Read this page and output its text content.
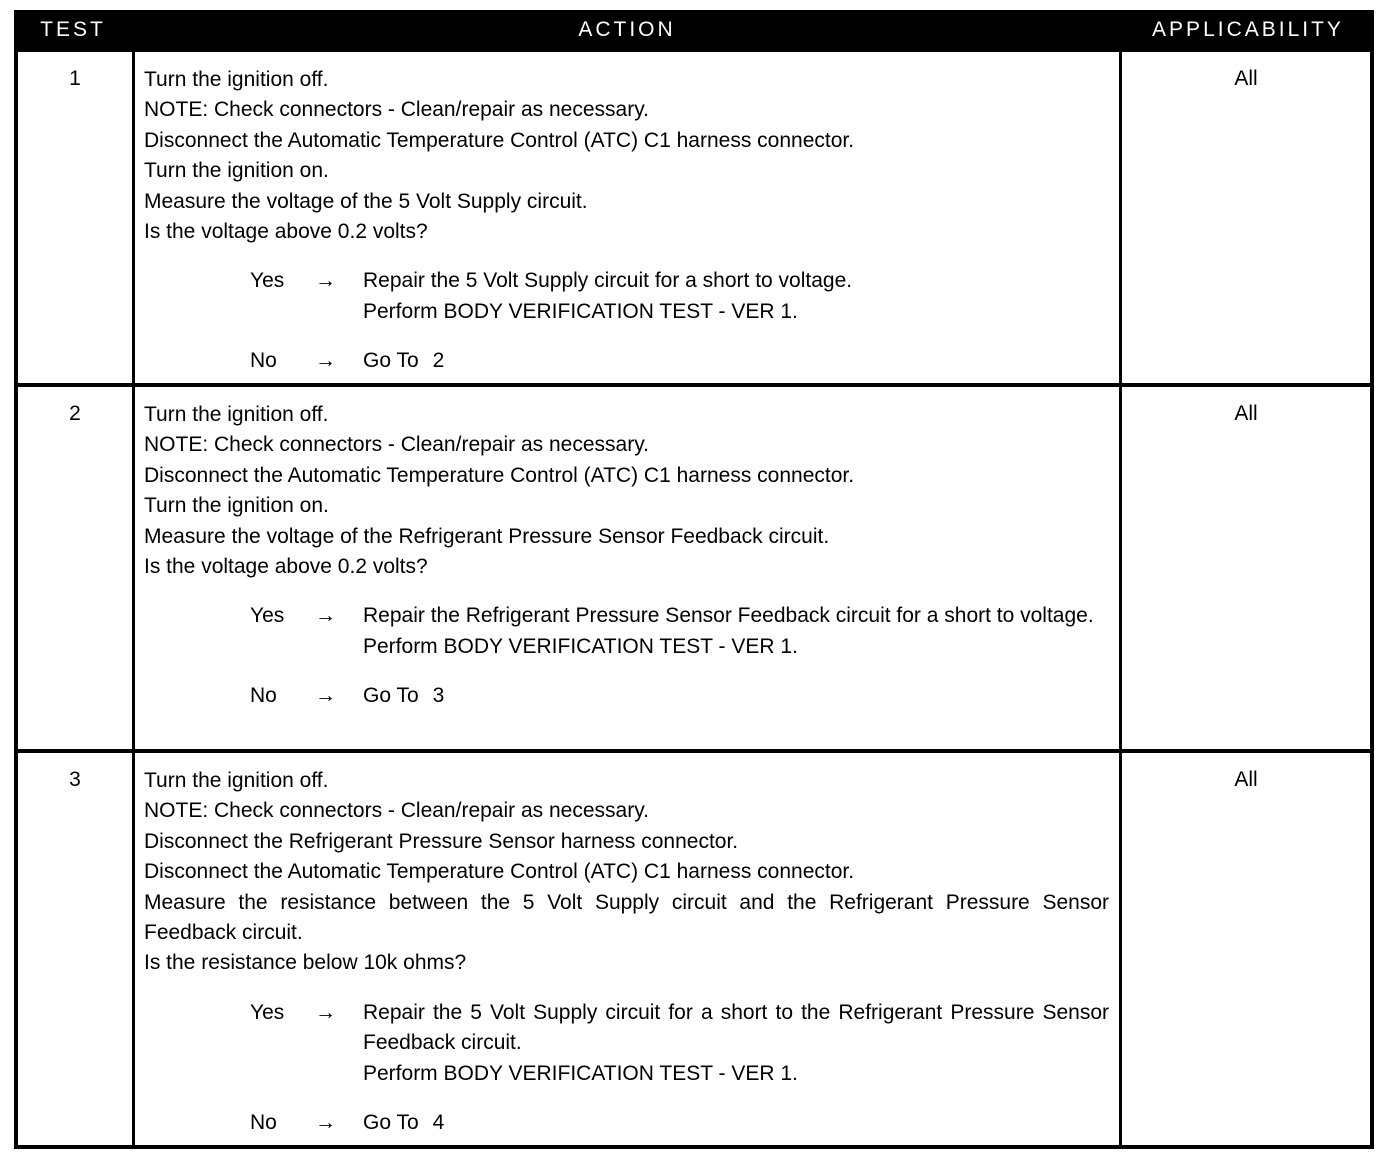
TEST	ACTION	APPLICABILITY
1	Turn the ignition off.
NOTE: Check connectors - Clean/repair as necessary.
Disconnect the Automatic Temperature Control (ATC) C1 harness connector.
Turn the ignition on.
Measure the voltage of the 5 Volt Supply circuit.
Is the voltage above 0.2 volts?
Yes	→	Repair the 5 Volt Supply circuit for a short to voltage.
Perform BODY VERIFICATION TEST - VER 1.
No	→	Go To 2
All
2	Turn the ignition off.
NOTE: Check connectors - Clean/repair as necessary.
Disconnect the Automatic Temperature Control (ATC) C1 harness connector.
Turn the ignition on.
Measure the voltage of the Refrigerant Pressure Sensor Feedback circuit.
Is the voltage above 0.2 volts?
Yes	→	Repair the Refrigerant Pressure Sensor Feedback circuit for a short to voltage.
Perform BODY VERIFICATION TEST - VER 1.
No	→	Go To 3
All
3	Turn the ignition off.
NOTE: Check connectors - Clean/repair as necessary.
Disconnect the Refrigerant Pressure Sensor harness connector.
Disconnect the Automatic Temperature Control (ATC) C1 harness connector.
Measure the resistance between the 5 Volt Supply circuit and the Refrigerant Pressure Sensor Feedback circuit.
Is the resistance below 10k ohms?
Yes	→	Repair the 5 Volt Supply circuit for a short to the Refrigerant Pressure Sensor Feedback circuit.
Perform BODY VERIFICATION TEST - VER 1.
No	→	Go To 4
All
